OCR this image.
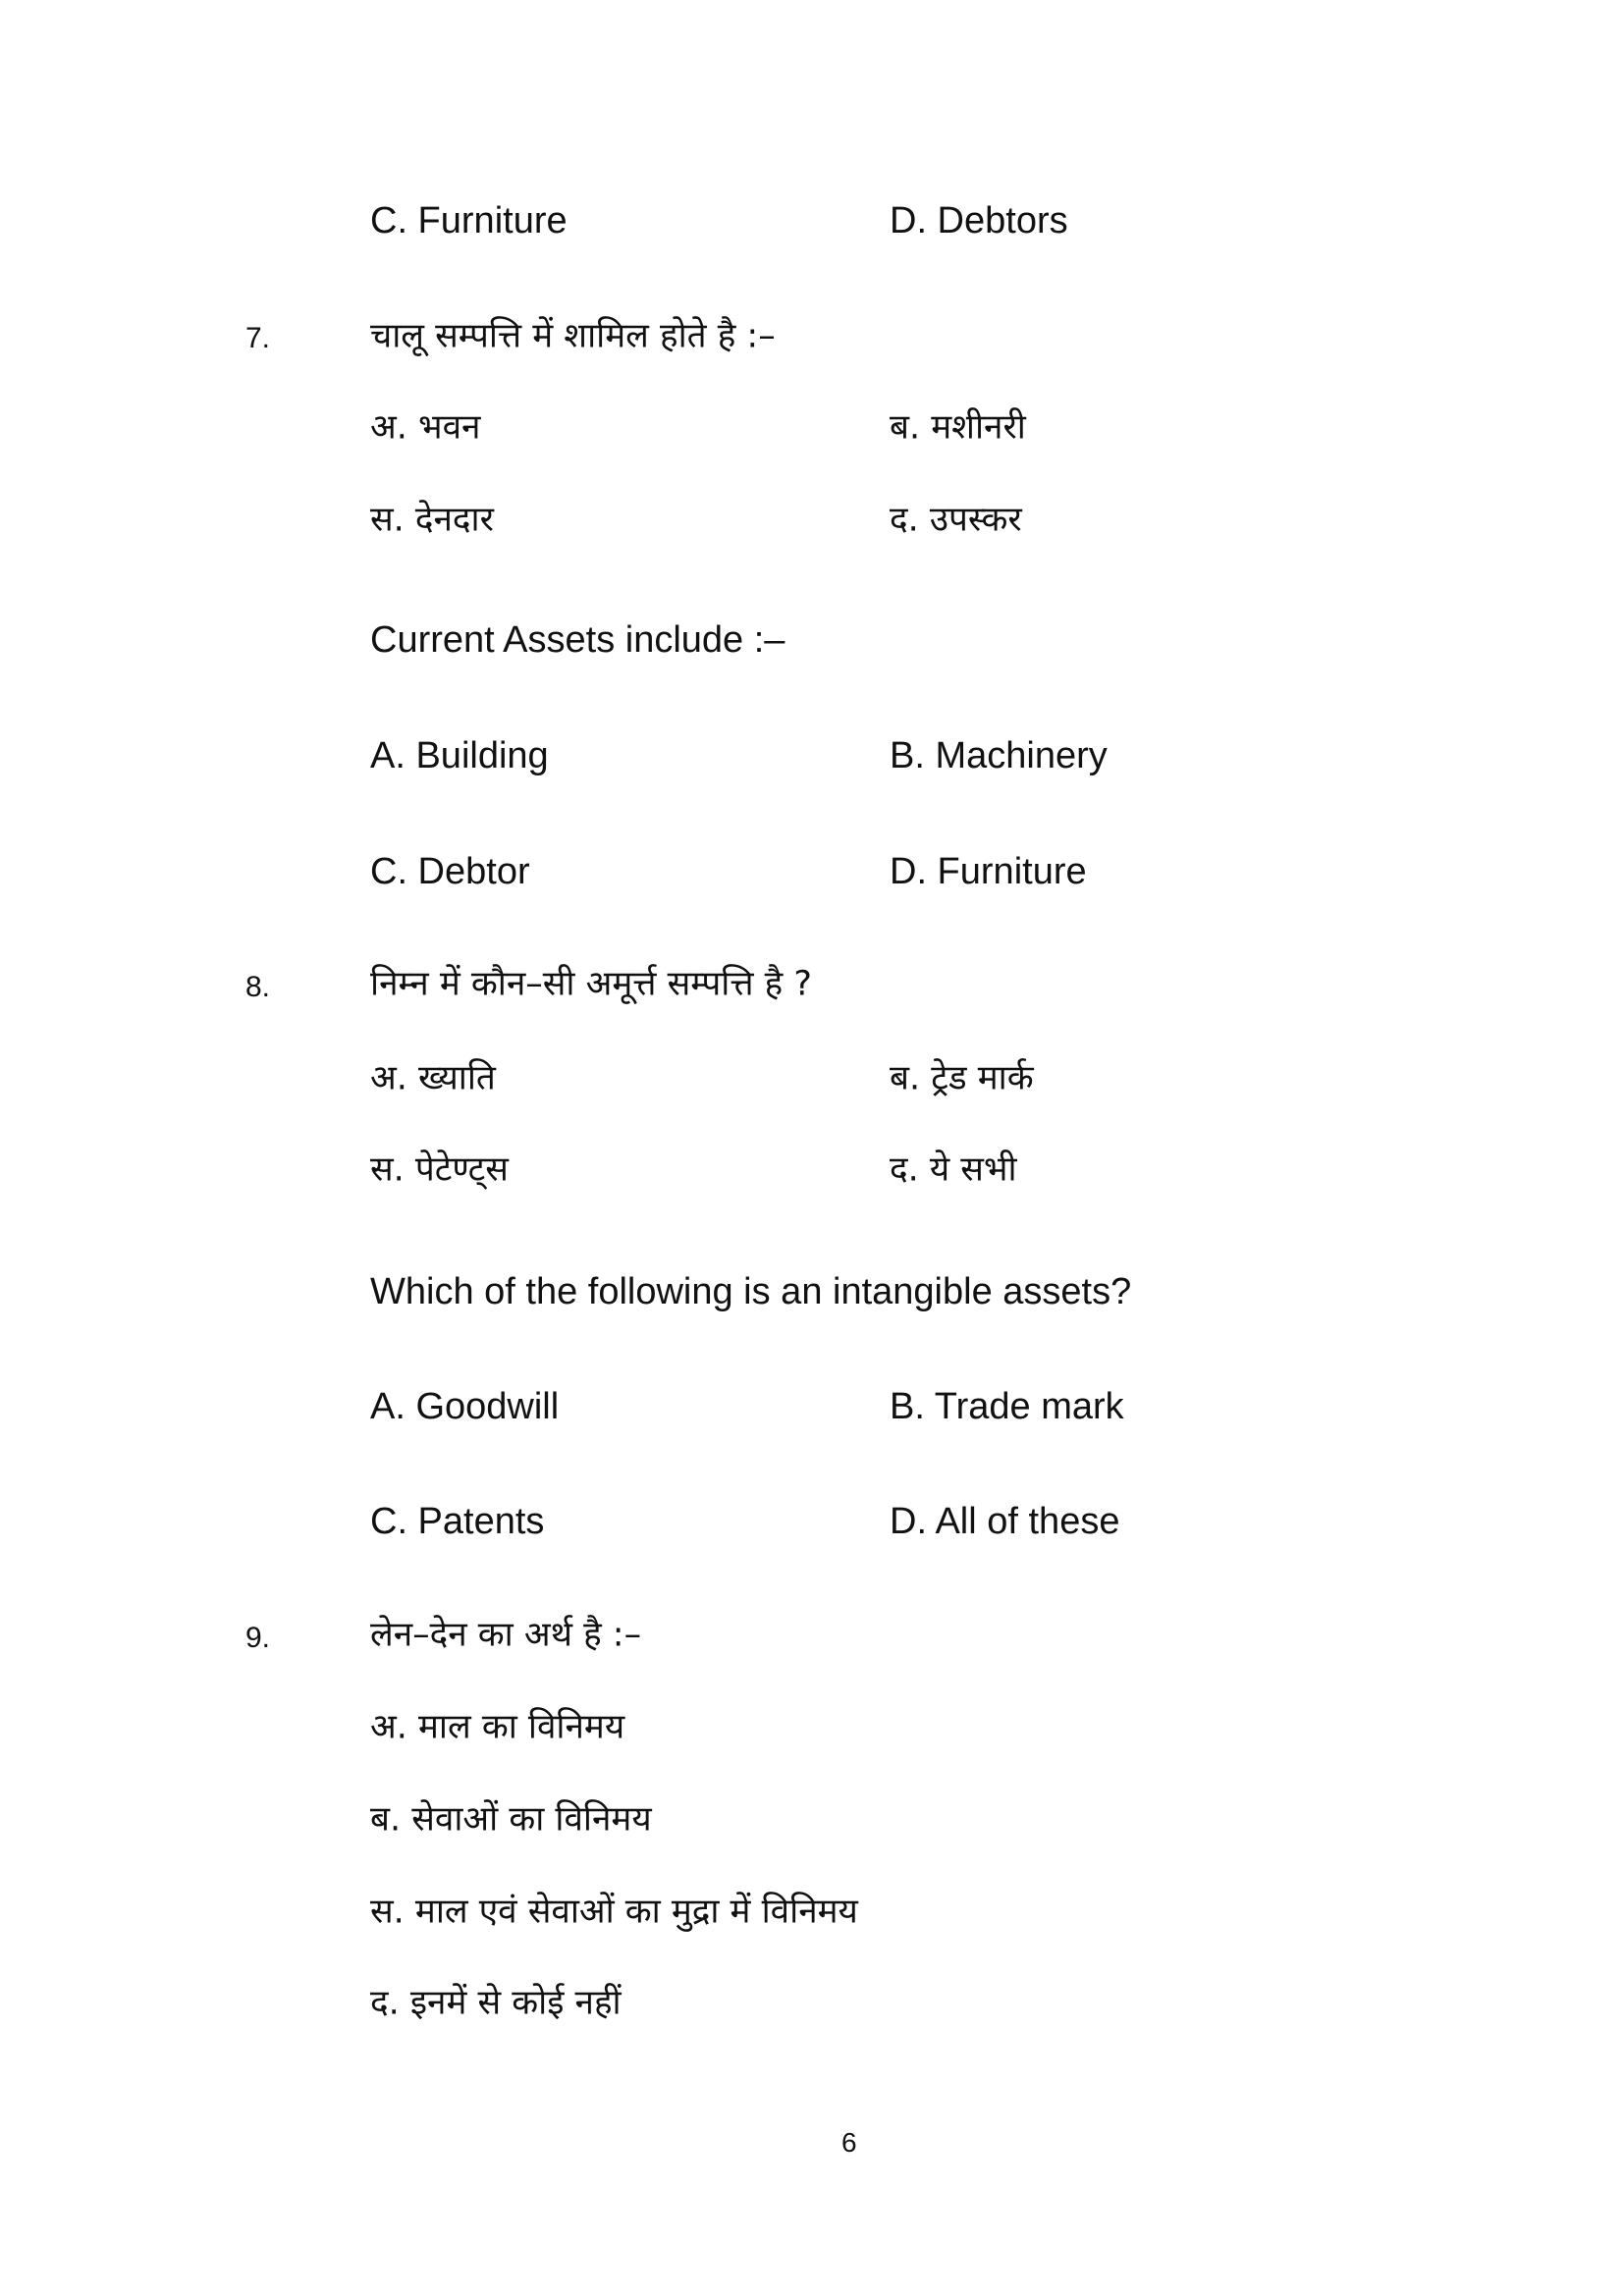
C. Furniture	D. Debtors
7.	चालू सम्पत्ति में शामिल होते है :–
अ. भवन	ब. मशीनरी
स. देनदार	द. उपस्कर
Current Assets include :–
A. Building	B. Machinery
C. Debtor	D. Furniture
8.	निम्न में कौन–सी अमूर्त्त सम्पत्ति है ?
अ. ख्याति	ब. ट्रेड मार्क
स. पेटेण्ट्स	द. ये सभी
Which of the following is an intangible assets?
A. Goodwill	B. Trade mark
C. Patents	D. All of these
9.	लेन–देन का अर्थ है :–
अ. माल का विनिमय
ब. सेवाओं का विनिमय
स. माल एवं सेवाओं का मुद्रा में विनिमय
द. इनमें से कोई नहीं
6
